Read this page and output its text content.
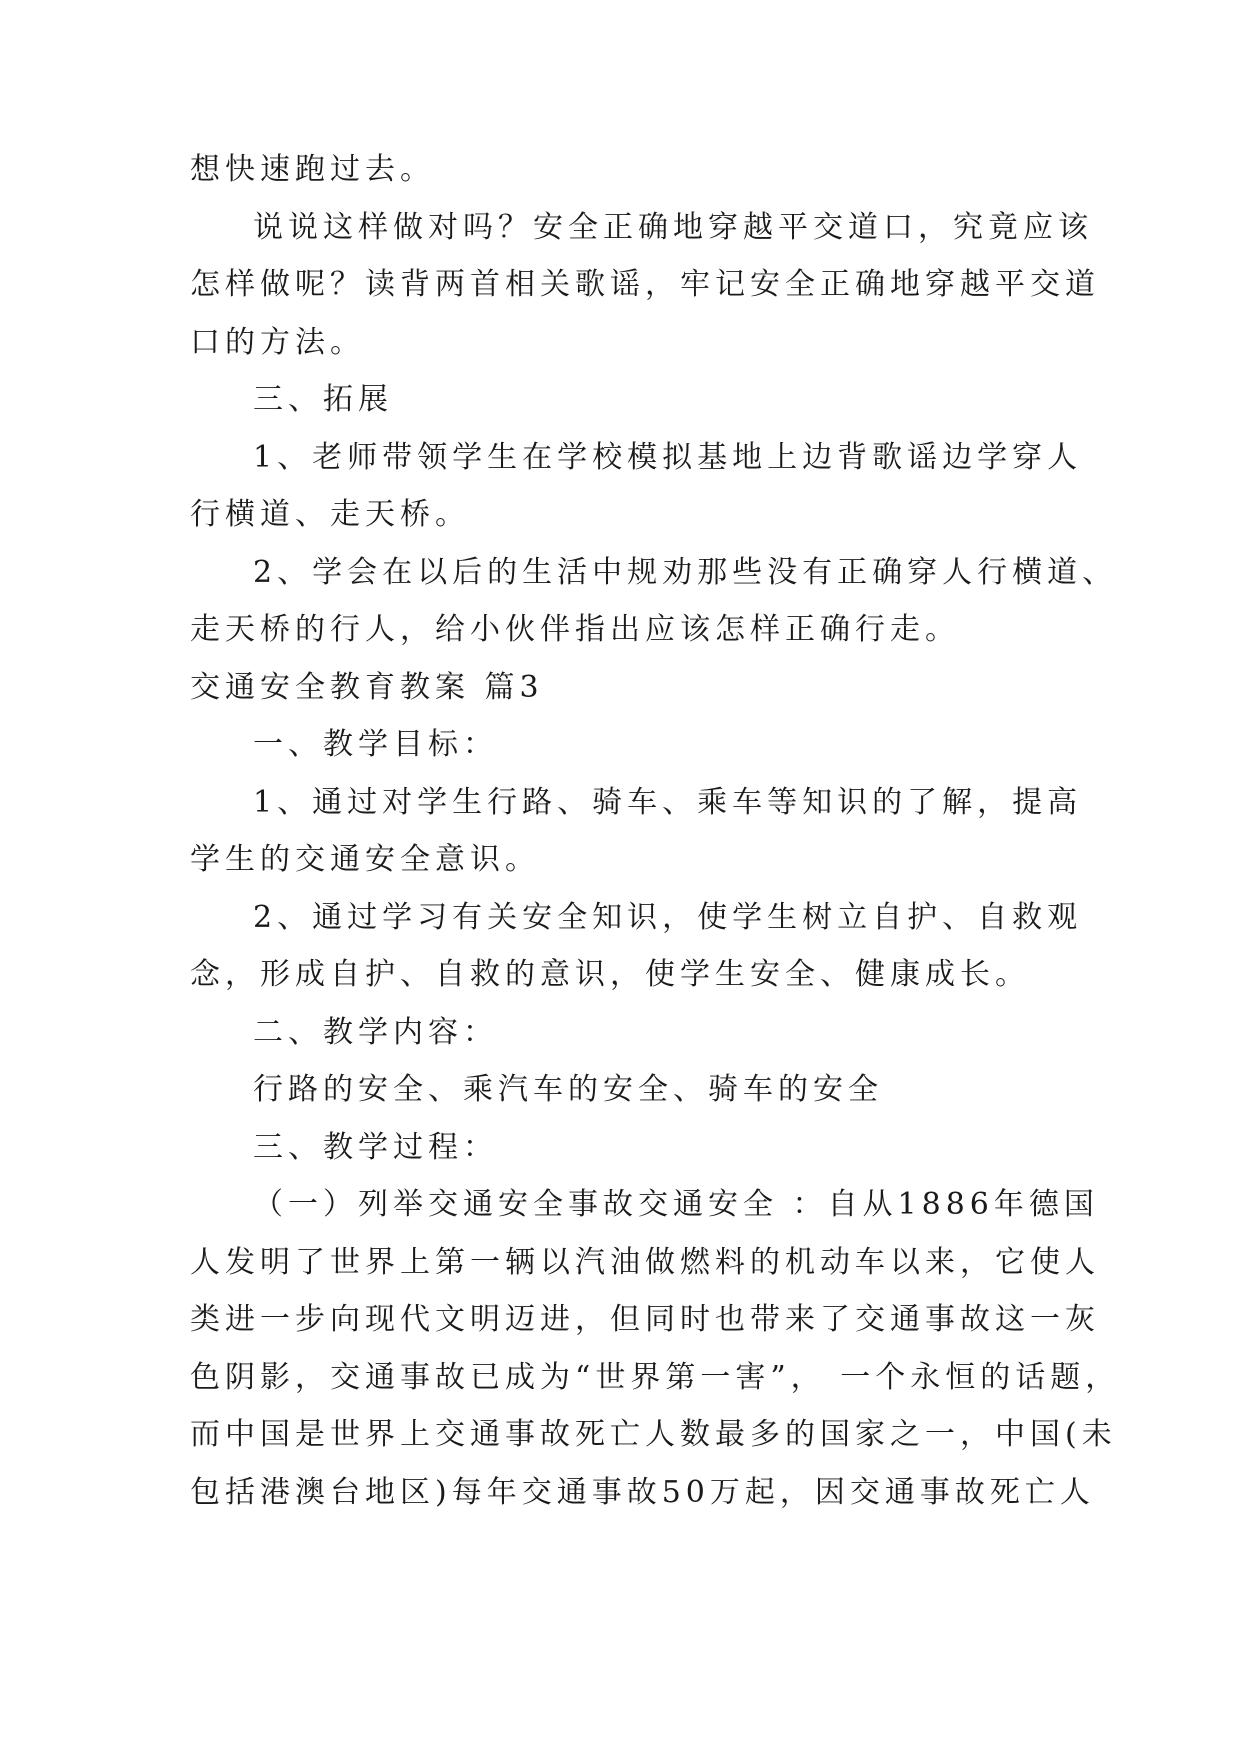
想快速跑过去。
说说这样做对吗？安全正确地穿越平交道口，究竟应该
怎样做呢？读背两首相关歌谣，牢记安全正确地穿越平交道
口的方法。
三、拓展
1、老师带领学生在学校模拟基地上边背歌谣边学穿人
行横道、走天桥。
2、学会在以后的生活中规劝那些没有正确穿人行横道、
走天桥的行人，给小伙伴指出应该怎样正确行走。
交通安全教育教案 篇3
一、教学目标：
1、通过对学生行路、骑车、乘车等知识的了解，提高
学生的交通安全意识。
2、通过学习有关安全知识，使学生树立自护、自救观
念，形成自护、自救的意识，使学生安全、健康成长。
二、教学内容：
行路的安全、乘汽车的安全、骑车的安全
三、教学过程：
（一）列举交通安全事故交通安全 ：自从1886年德国
人发明了世界上第一辆以汽油做燃料的机动车以来，它使人
类进一步向现代文明迈进，但同时也带来了交通事故这一灰
色阴影，交通事故已成为“世界第一害”， 一个永恒的话题，
而中国是世界上交通事故死亡人数最多的国家之一，中国(未
包括港澳台地区)每年交通事故50万起，因交通事故死亡人
